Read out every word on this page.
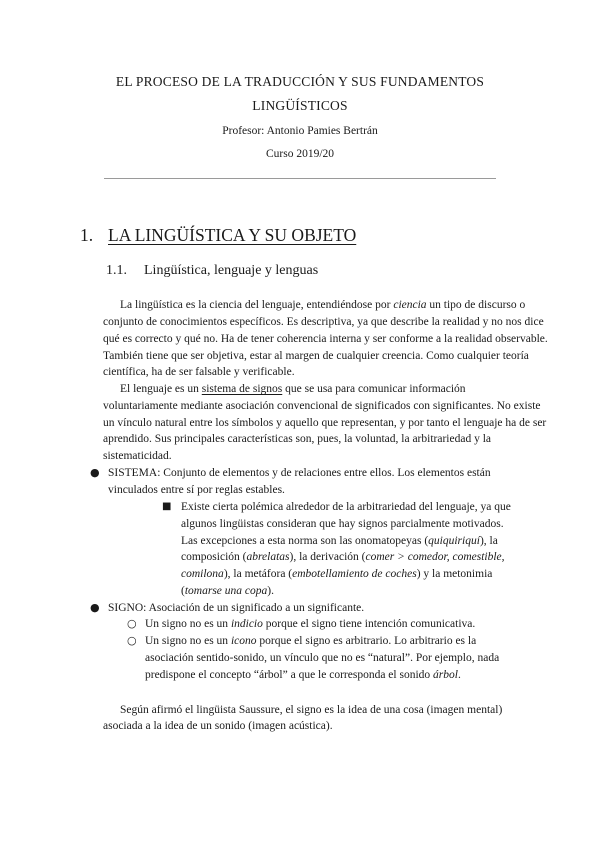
EL PROCESO DE LA TRADUCCIÓN Y SUS FUNDAMENTOS
LINGÜÍSTICOS
Profesor: Antonio Pamies Bertrán
Curso 2019/20
1. LA LINGÜÍSTICA Y SU OBJETO
1.1. Lingüística, lenguaje y lenguas
La lingüística es la ciencia del lenguaje, entendiéndose por ciencia un tipo de discurso o
conjunto de conocimientos específicos. Es descriptiva, ya que describe la realidad y no nos dice
qué es correcto y qué no. Ha de tener coherencia interna y ser conforme a la realidad observable.
También tiene que ser objetiva, estar al margen de cualquier creencia. Como cualquier teoría
científica, ha de ser falsable y verificable.
El lenguaje es un sistema de signos que se usa para comunicar información
voluntariamente mediante asociación convencional de significados con significantes. No existe
un vínculo natural entre los símbolos y aquello que representan, y por tanto el lenguaje ha de ser
aprendido. Sus principales características son, pues, la voluntad, la arbitrariedad y la
sistematicidad.
● SISTEMA: Conjunto de elementos y de relaciones entre ellos. Los elementos están
vinculados entre sí por reglas estables.
■ Existe cierta polémica alrededor de la arbitrariedad del lenguaje, ya que
algunos lingüistas consideran que hay signos parcialmente motivados.
Las excepciones a esta norma son las onomatopeyas (quiquiriquí), la
composición (abrelatas), la derivación (comer > comedor, comestible,
comilona), la metáfora (embotellamiento de coches) y la metonimia
(tomarse una copa).
● SIGNO: Asociación de un significado a un significante.
○ Un signo no es un indicio porque el signo tiene intención comunicativa.
○ Un signo no es un icono porque el signo es arbitrario. Lo arbitrario es la
asociación sentido-sonido, un vínculo que no es “natural”. Por ejemplo, nada
predispone el concepto “árbol” a que le corresponda el sonido árbol.
Según afirmó el lingüista Saussure, el signo es la idea de una cosa (imagen mental)
asociada a la idea de un sonido (imagen acústica).
